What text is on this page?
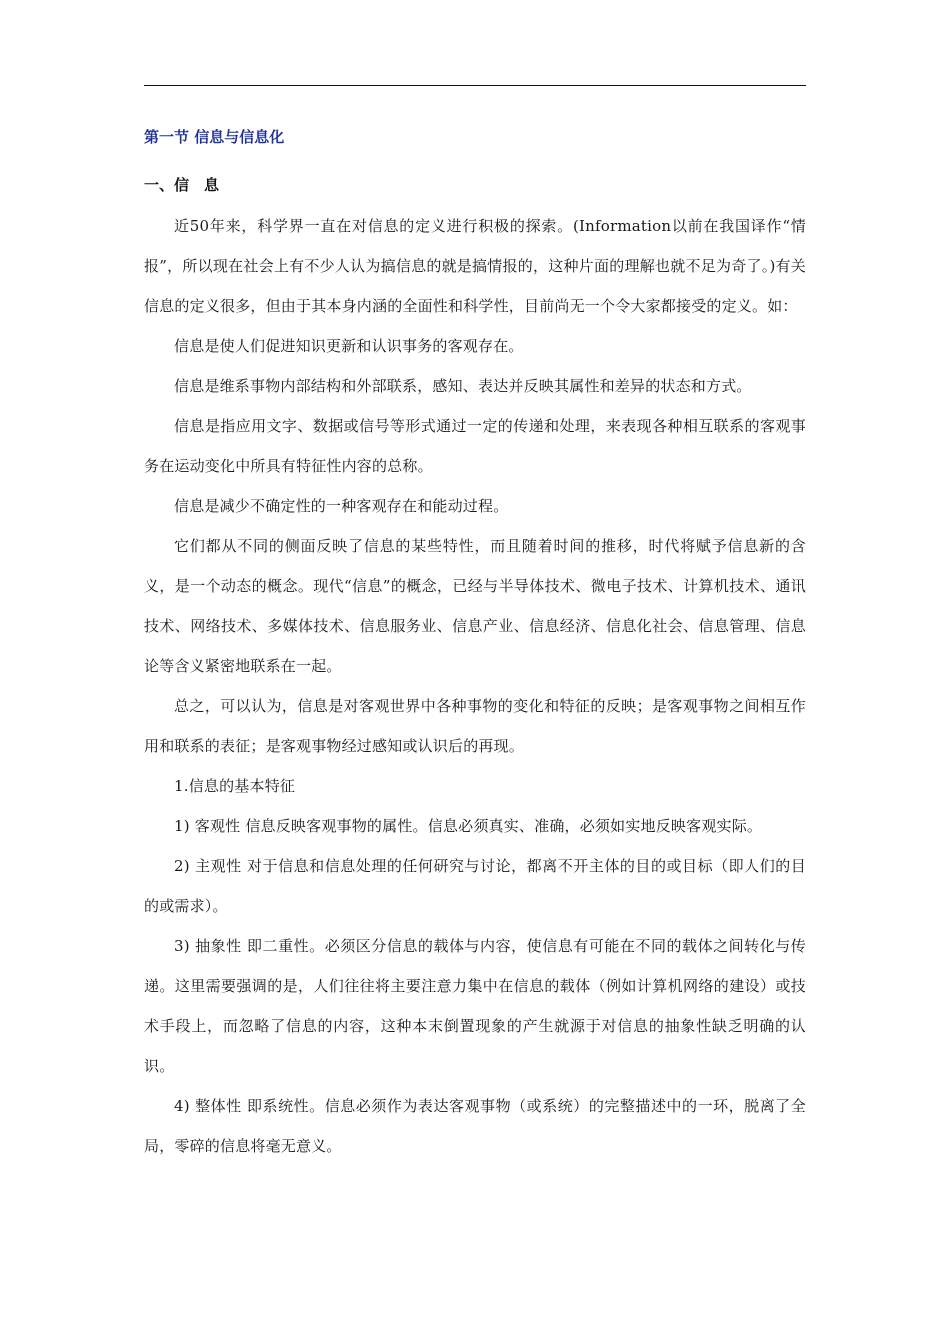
第一节 信息与信息化
一、信　息

近50年来，科学界一直在对信息的定义进行积极的探索。(Information以前在我国译作“情报”，所以现在社会上有不少人认为搞信息的就是搞情报的，这种片面的理解也就不足为奇了。)有关信息的定义很多，但由于其本身内涵的全面性和科学性，目前尚无一个令大家都接受的定义。如：

信息是使人们促进知识更新和认识事务的客观存在。

信息是维系事物内部结构和外部联系，感知、表达并反映其属性和差异的状态和方式。

信息是指应用文字、数据或信号等形式通过一定的传递和处理，来表现各种相互联系的客观事务在运动变化中所具有特征性内容的总称。

信息是减少不确定性的一种客观存在和能动过程。

它们都从不同的侧面反映了信息的某些特性，而且随着时间的推移，时代将赋予信息新的含义，是一个动态的概念。现代“信息”的概念，已经与半导体技术、微电子技术、计算机技术、通讯技术、网络技术、多媒体技术、信息服务业、信息产业、信息经济、信息化社会、信息管理、信息论等含义紧密地联系在一起。

总之，可以认为，信息是对客观世界中各种事物的变化和特征的反映；是客观事物之间相互作用和联系的表征；是客观事物经过感知或认识后的再现。

1.信息的基本特征

1) 客观性 信息反映客观事物的属性。信息必须真实、准确，必须如实地反映客观实际。

2) 主观性 对于信息和信息处理的任何研究与讨论，都离不开主体的目的或目标（即人们的目的或需求）。

3) 抽象性 即二重性。必须区分信息的载体与内容，使信息有可能在不同的载体之间转化与传递。这里需要强调的是，人们往往将主要注意力集中在信息的载体（例如计算机网络的建设）或技术手段上，而忽略了信息的内容，这种本末倒置现象的产生就源于对信息的抽象性缺乏明确的认识。

4) 整体性 即系统性。信息必须作为表达客观事物（或系统）的完整描述中的一环，脱离了全局，零碎的信息将毫无意义。
